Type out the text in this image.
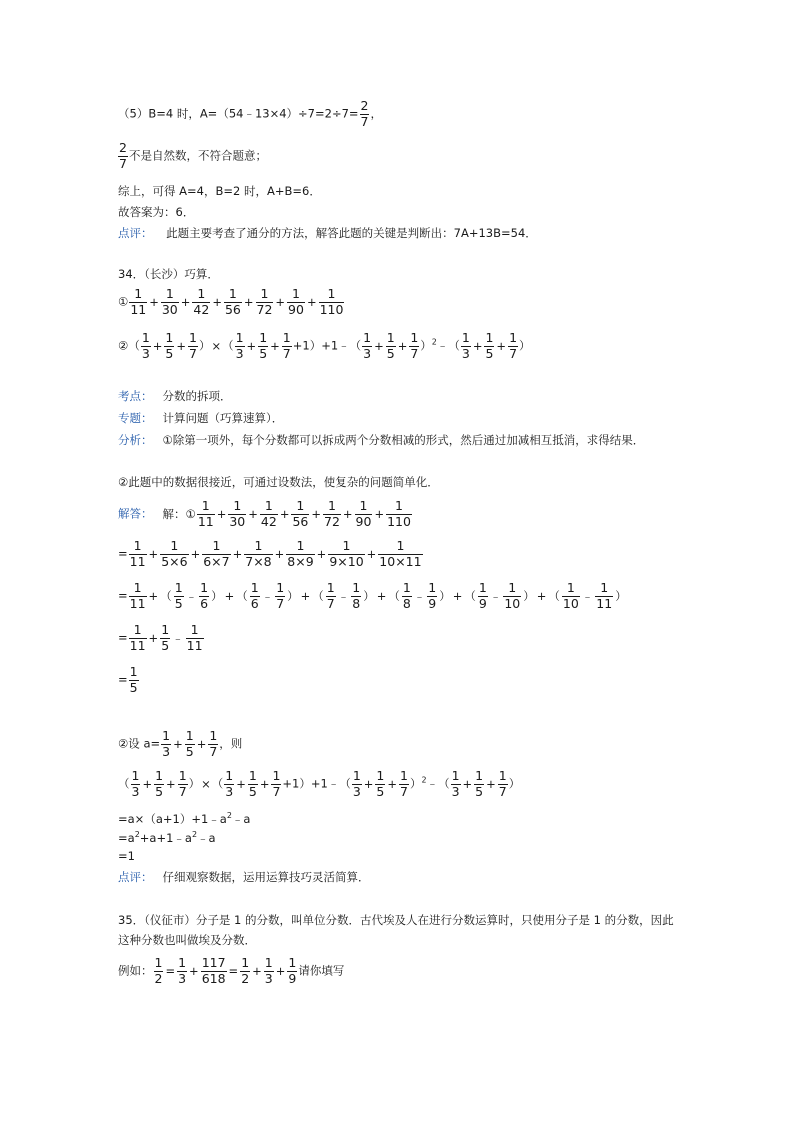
（5）B=4 时，A=（54﹣13×4）÷7=2÷7= $\frac{2}{7}$ ，
$\frac{2}{7}$ 不是自然数，不符合题意；
综上，可得 A=4，B=2 时，A+B=6．
故答案为：6．
点评： 此题主要考查了通分的方法，解答此题的关键是判断出：7A+13B=54．
34．（长沙）巧算．
① $\frac{1}{11} + \frac{1}{30} + \frac{1}{42} + \frac{1}{56} + \frac{1}{72} + \frac{1}{90} + \frac{1}{110}$
②（ $\frac{1}{3} + \frac{1}{5} + \frac{1}{7}$ ）×（ $\frac{1}{3} + \frac{1}{5} + \frac{1}{7}$ +1）+1﹣（ $\frac{1}{3} + \frac{1}{5} + \frac{1}{7}$ ）$^2$﹣（ $\frac{1}{3} + \frac{1}{5} + \frac{1}{7}$ ）
考点： 分数的拆项．
专题： 计算问题（巧算速算）．
分析： ①除第一项外，每个分数都可以拆成两个分数相减的形式，然后通过加减相互抵消，求得结果．
②此题中的数据很接近，可通过设数法，使复杂的问题简单化．
解答： 解：① $\frac{1}{11} + \frac{1}{30} + \frac{1}{42} + \frac{1}{56} + \frac{1}{72} + \frac{1}{90} + \frac{1}{110}$
= $\frac{1}{11} + \frac{1}{5\times 6} + \frac{1}{6\times 7} + \frac{1}{7\times 8} + \frac{1}{8\times 9} + \frac{1}{9\times 10} + \frac{1}{10\times 11}$
= $\frac{1}{11}$ + （ $\frac{1}{5}$ ﹣ $\frac{1}{6}$ ） + （ $\frac{1}{6}$ ﹣ $\frac{1}{7}$ ） + （ $\frac{1}{7}$ ﹣ $\frac{1}{8}$ ） + （ $\frac{1}{8}$ ﹣ $\frac{1}{9}$ ） + （ $\frac{1}{9}$ ﹣ $\frac{1}{10}$ ） + （ $\frac{1}{10}$ ﹣ $\frac{1}{11}$ ）
= $\frac{1}{11} + \frac{1}{5}$ ﹣ $\frac{1}{11}$
= $\frac{1}{5}$
②设 $a= \frac{1}{3} + \frac{1}{5} + \frac{1}{7}$ ，则
（ $\frac{1}{3} + \frac{1}{5} + \frac{1}{7}$ ）×（ $\frac{1}{3} + \frac{1}{5} + \frac{1}{7}$ +1）+1﹣（ $\frac{1}{3} + \frac{1}{5} + \frac{1}{7}$ ）$^2$﹣（ $\frac{1}{3} + \frac{1}{5} + \frac{1}{7}$ ）
$=a\times(a+1)+1﹣a^2﹣a$
$=a^2+a+1﹣a^2﹣a$
=1
点评： 仔细观察数据，运用运算技巧灵活简算．
35．（仪征市）分子是 1 的分数，叫单位分数．古代埃及人在进行分数运算时，只使用分子是 1 的分数，因此这种分数也叫做埃及分数．
例如： $\frac{1}{2} = \frac{1}{3} + \frac{117}{618} = \frac{1}{2} + \frac{1}{3} + \frac{1}{9}$ 请你填写
